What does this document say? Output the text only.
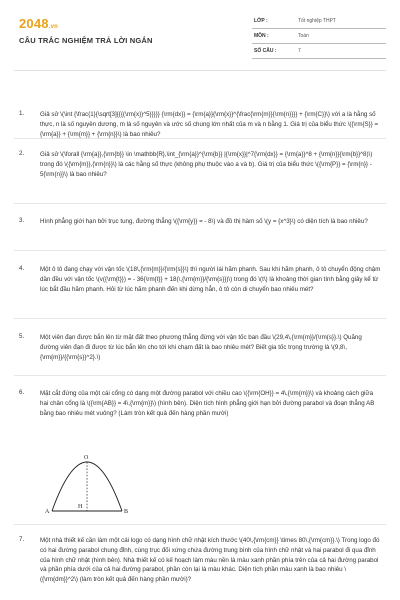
2048.vn
CÂU TRẮC NGHIỆM TRẢ LỜI NGẮN
LỚP :	Tốt nghiệp THPT
MÔN :	Toán
SỐ CÂU :	7
1.	Giả sử \(\int {\frac{1}{\sqrt[3]{{{(\rm{x})^5}}}}} {\rm{dx}} = {\rm{a}}{\rm{x}}^{\frac{\rm{m}}{\rm{n}}}} + {\rm{C}}\) với a là hằng số thực, n là số nguyên dương, m là số nguyên và ước số chung lớn nhất của m và n bằng 1. Giá trị của biểu thức \({\rm{S}} = {\rm{a}} + {\rm{m}} + {\rm{n}}\) là bao nhiêu?
2.	Giả sử \(\forall {\rm{a}},{\rm{b}} \in \mathbb{R},\int_{\rm{a}}^{\rm{b}} |{\rm{x}}|^7{\rm{dx}} = {\rm{a}}^8 + {\rm{n}}{\rm{b}}^8)\) trong đó \({\rm{m}},{\rm{n}}\) là các hằng số thực (không phụ thuộc vào a và b). Giá trị của biểu thức \({\rm{P}} = {\rm{n}} - 5{\rm{n}}\) là bao nhiêu?
3.	Hình phẳng giới hạn bởi trục tung, đường thẳng \({\rm{y}} = - 8\) và đồ thị hàm số \(y = {x^3}\) có diện tích là bao nhiêu?
4.	Một ô tô đang chạy với vận tốc \(18\,{\rm{m}}/{\rm{s}}\) thì người lái hãm phanh. Sau khi hãm phanh, ô tô chuyển động chậm dần đều với vận tốc \(v({\rm{t}}) = - 36{\rm{t}} + 18(\,{\rm{m}}/{\rm{s}})\) trong đó \(t\) là khoảng thời gian tính bằng giây kể từ lúc bắt đầu hãm phanh. Hỏi từ lúc hãm phanh đến khi dừng hẳn, ô tô còn di chuyển bao nhiêu mét?
5.	Một viên đạn được bắn lên từ mặt đất theo phương thẳng đứng với vận tốc ban đầu \(29,4\,{\rm{m}}/{\rm{s}}.\) Quãng đường viên đạn đi được từ lúc bắn lên cho tới khi chạm đất là bao nhiêu mét? Biết gia tốc trọng trường là \(9,8\,{\rm{m}}/{{\rm{s}}^2}.\)
6.	Mặt cắt đứng của một cái cổng có dạng một đường parabol với chiều cao \({\rm{OH}} = 4\,{\rm{m}}\) và khoảng cách giữa hai chân cổng là \({\rm{AB}} = 4\,{\rm{m}}\) (hình bên). Diện tích hình phẳng giới hạn bởi đường parabol và đoạn thẳng AB bằng bao nhiêu mét vuông? (Làm tròn kết quả đến hàng phần mười)
O
H
A	B
7.	Một nhà thiết kế cần làm một cái logo có dạng hình chữ nhật kích thước \(40\,{\rm{cm}} \times 80\,{\rm{cm}}.\) Trong logo đó có hai đường parabol chung đỉnh, cùng trục đối xứng chứa đường trung bình của hình chữ nhật và hai parabol đi qua đỉnh của hình chữ nhật (hình bên). Nhà thiết kế có kế hoạch làm màu nền là màu xanh phần phía trên của cả hai đường parabol và phần phía dưới của cả hai đường parabol, phần còn lại là màu khác. Diện tích phần màu xanh là bao nhiêu \({\rm{dm}}^2\) (làm tròn kết quả đến hàng phần mười)?
